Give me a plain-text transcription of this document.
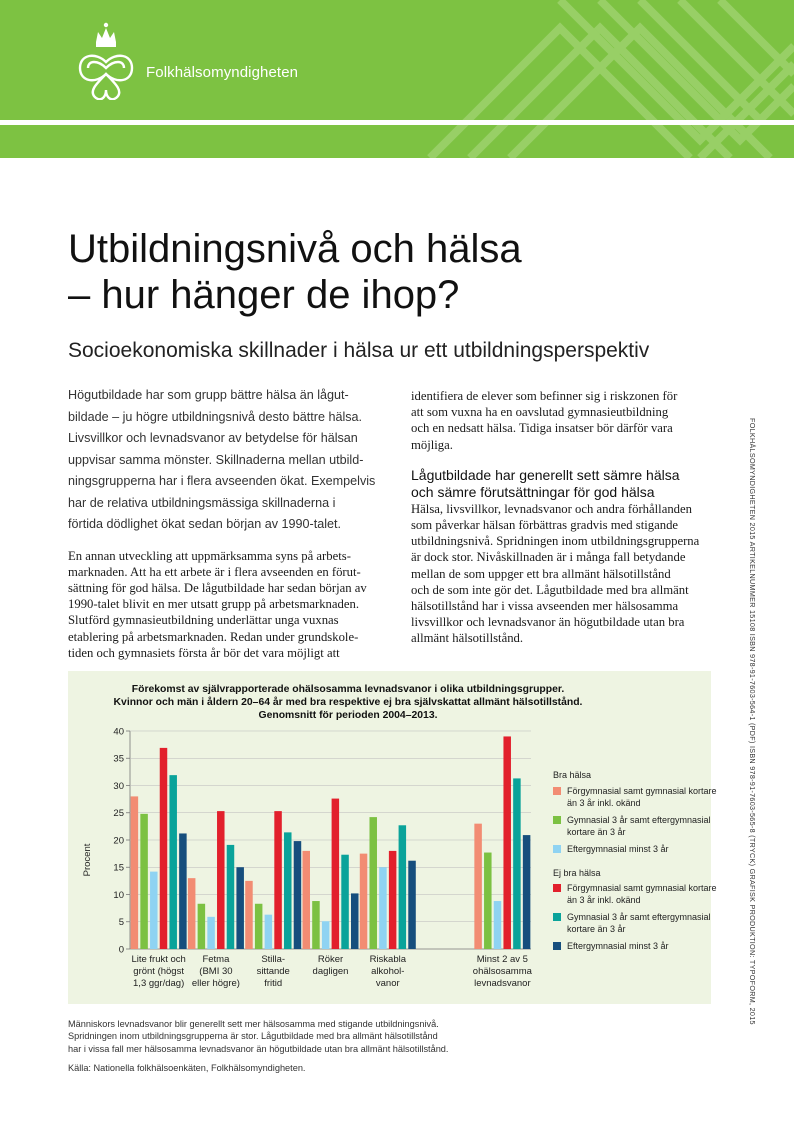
Folkhälsomyndigheten
Utbildningsnivå och hälsa
– hur hänger de ihop?
Socioekonomiska skillnader i hälsa ur ett utbildningsperspektiv
Högutbildade har som grupp bättre hälsa än lågut-
bildade – ju högre utbildningsnivå desto bättre hälsa.
Livsvillkor och levnadsvanor av betydelse för hälsan
uppvisar samma mönster. Skillnaderna mellan utbild-
ningsgrupperna har i flera avseenden ökat. Exempelvis
har de relativa utbildningsmässiga skillnaderna i
förtida dödlighet ökat sedan början av 1990-talet.
En annan utveckling att uppmärksamma syns på arbets-
marknaden. Att ha ett arbete är i flera avseenden en förut-
sättning för god hälsa. De lågutbildade har sedan början av
1990-talet blivit en mer utsatt grupp på arbetsmarknaden.
Slutförd gymnasieutbildning underlättar unga vuxnas
etablering på arbetsmarknaden. Redan under grundskole-
tiden och gymnasiets första år bör det vara möjligt att
identifiera de elever som befinner sig i riskzonen för
att som vuxna ha en oavslutad gymnasieutbildning
och en nedsatt hälsa. Tidiga insatser bör därför vara
möjliga.
Lågutbildade har generellt sett sämre hälsa
och sämre förutsättningar för god hälsa
Hälsa, livsvillkor, levnadsvanor och andra förhållanden
som påverkar hälsan förbättras gradvis med stigande
utbildningsnivå. Spridningen inom utbildningsgrupperna
är dock stor. Nivåskillnaden är i många fall betydande
mellan de som uppger ett bra allmänt hälsotillstånd
och de som inte gör det. Lågutbildade med bra allmänt
hälsotillstånd har i vissa avseenden mer hälsosamma
livsvillkor och levnadsvanor än högutbildade utan bra
allmänt hälsotillstånd.	FOLKHÄLSOMYNDIGHETEN 2015 ARTIKELNUMMER 15108 ISBN 978-91-7603-564-1 (PDF) ISBN 978-91-7603-565-8 (TRYCK) GRAFISK PRODUKTION: TYPOFORM, 2015
Förekomst av självrapporterade ohälsosamma levnadsvanor i olika utbildningsgrupper.
Kvinnor och män i åldern 20–64 år med bra respektive ej bra självskattat allmänt hälsotillstånd.
Genomsnitt för perioden 2004–2013.
0
5
10
15
20
25
30
35
40
Lite frukt och
grönt (högst
1,3 ggr/dag)
Fetma
(BMI 30
eller högre)
Stilla-
sittande
fritid
Röker
dagligen
Riskabla
alkohol-
vanor
Minst 2 av 5
ohälsosamma
levnadsvanor
Procent
Bra hälsa
Förgymnasial samt gymnasial kortare än 3 år inkl. okänd
Gymnasial 3 år samt eftergymnasial kortare än 3 år
Eftergymnasial minst 3 år
Ej bra hälsa
Förgymnasial samt gymnasial kortare än 3 år inkl. okänd
Gymnasial 3 år samt eftergymnasial kortare än 3 år
Eftergymnasial minst 3 år
Människors levnadsvanor blir generellt sett mer hälsosamma med stigande utbildningsnivå.
Spridningen inom utbildningsgrupperna är stor. Lågutbildade med bra allmänt hälsotillstånd
har i vissa fall mer hälsosamma levnadsvanor än högutbildade utan bra allmänt hälsotillstånd.
Källa: Nationella folkhälsoenkäten, Folkhälsomyndigheten.
